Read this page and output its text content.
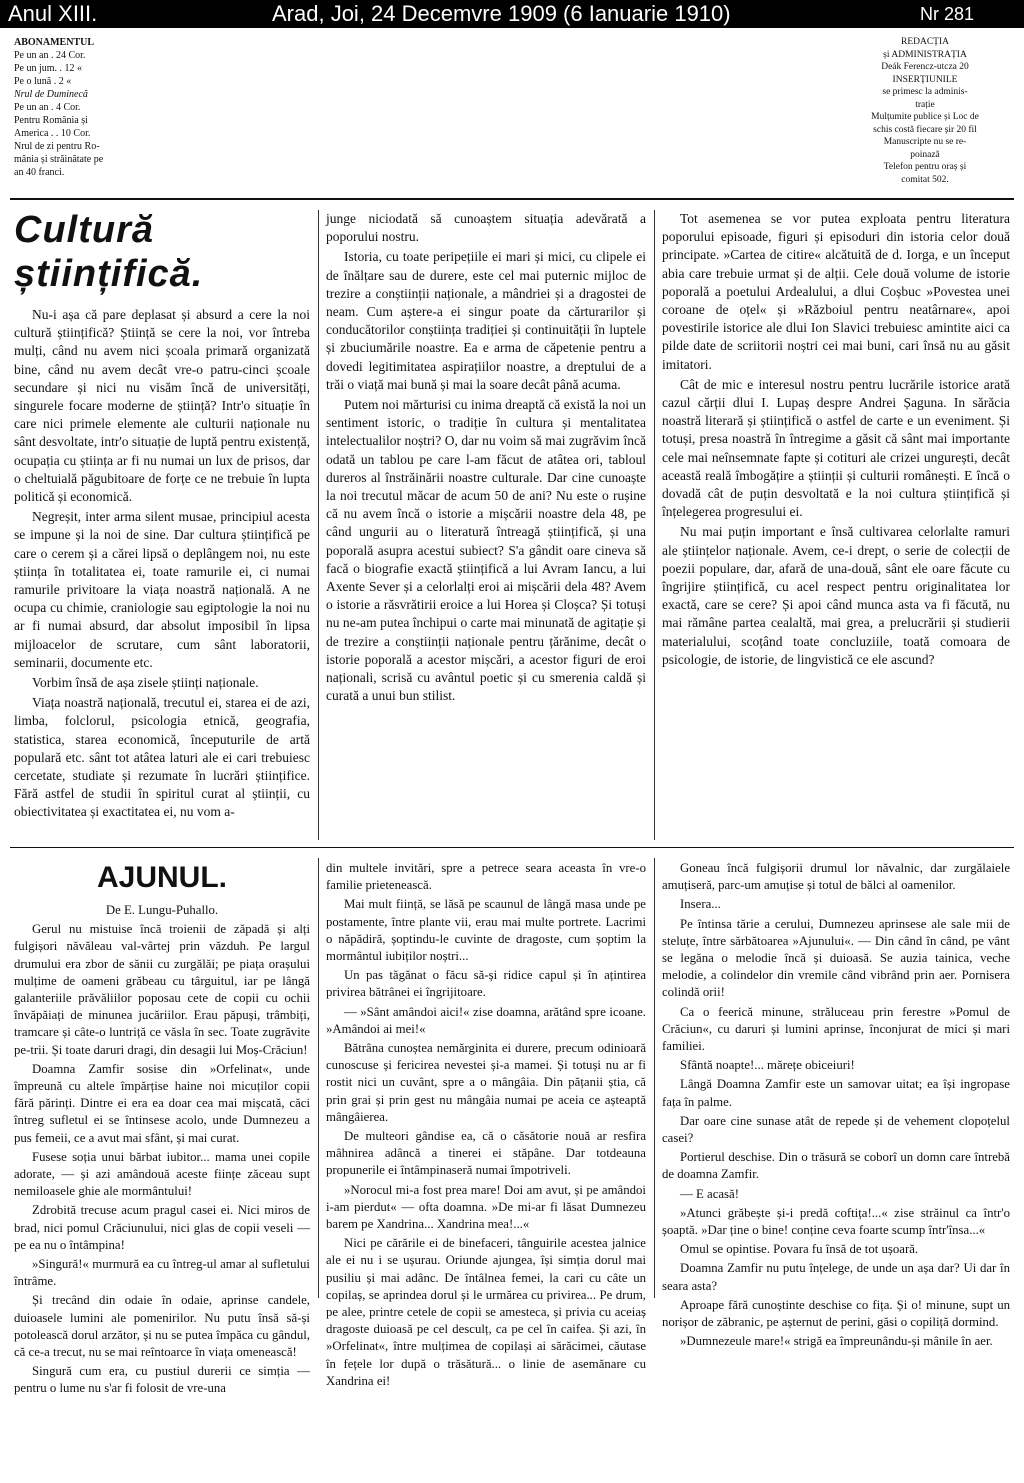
Anul XIII.	Arad, Joi, 24 Decemvre 1909 (6 Ianuarie 1910)	Nr 281

ABONAMENTUL

Pe un an . 24 Cor.

Pe un jum. . 12 «

Pe o lună . 2 «

Nrul de Duminecă

Pe un an . 4 Cor.

Pentru România și

America . . 10 Cor.

Nrul de zi pentru Ro-

mânia și străinătate pe

an 40 franci.

REDACȚIA

și ADMINISTRAȚIA

Deák Ferencz-utcza 20

INSERȚIUNILE

se primesc la adminis-

trație

Mulțumite publice și Loc de

schis costă fiecare șir 20 fil

Manuscripte nu se re-

poinază

Telefon pentru oraș și

comitat 502.

Cultură științifică.

Nu-i așa că pare deplasat și absurd a cere la noi cultură științifică? Știință se cere la noi, vor întreba mulți, când nu avem nici școala primară organizată bine, când nu avem decât vre-o patru-cinci școale secundare și nici nu visăm încă de universități, singurele focare moderne de știință? Intr'o situație în care nici primele elemente ale culturii naționale nu sânt desvoltate, intr'o situație de luptă pentru existență, ocupația cu știința ar fi nu numai un lux de prisos, dar o cheltuială păgubitoare de forțe ce ne trebuie în lupta politică și economică.

Negreșit, inter arma silent musae, principiul acesta se impune și la noi de sine. Dar cultura științifică pe care o cerem și a cărei lipsă o deplângem noi, nu este știința în totalitatea ei, toate ramurile ei, ci numai ramurile privitoare la viața noastră națională. A ne ocupa cu chimie, craniologie sau egiptologie la noi nu ar fi numai absurd, dar absolut imposibil în lipsa mijloacelor de scrutare, cum sânt laboratorii, seminarii, documente etc.

Vorbim însă de așa zisele științi naționale.

Viața noastră națională, trecutul ei, starea ei de azi, limba, folclorul, psicologia etnică, geografia, statistica, starea economică, începuturile de artă populară etc. sânt tot atâtea laturi ale ei cari trebuiesc cercetate, studiate și rezumate în lucrări științifice. Fără astfel de studii în spiritul curat al științii, cu obiectivitatea și exactitatea ei, nu vom a-

junge niciodată să cunoaștem situația adevărată a poporului nostru.

Istoria, cu toate peripețiile ei mari și mici, cu clipele ei de înălțare sau de durere, este cel mai puternic mijloc de trezire a conștiinții naționale, a mândriei și a dragostei de neam. Cum aștere-a ei singur poate da cărturarilor și conducătorilor conștiința tradiției și continuității în luptele și zbuciumările noastre. Ea e arma de căpetenie pentru a dovedi legitimitatea aspirațiilor noastre, a dreptului de a trăi o viață mai bună și mai la soare decât până acuma.

Putem noi mărturisi cu inima dreaptă că există la noi un sentiment istoric, o tradiție în cultura și mentalitatea intelectualilor noștri? O, dar nu voim să mai zugrăvim încă odată un tablou pe care l-am făcut de atâtea ori, tabloul dureros al înstrăinării noastre culturale. Dar cine cunoaște la noi trecutul măcar de acum 50 de ani? Nu este o rușine că nu avem încă o istorie a mișcării noastre dela 48, pe când ungurii au o literatură întreagă științifică, și una poporală asupra acestui subiect? S'a gândit oare cineva să facă o biografie exactă științifică a lui Avram Iancu, a lui Axente Sever și a celorlalți eroi ai mișcării dela 48? Avem o istorie a răsvrătirii eroice a lui Horea și Cloșca? Și totuși nu ne-am putea închipui o carte mai minunată de agitație și de trezire a conștiinții naționale pentru țărănime, decât o istorie poporală a acestor mișcări, a acestor figuri de eroi naționali, scrisă cu avântul poetic și cu smerenia caldă și curată a unui bun stilist.

Tot asemenea se vor putea exploata pentru literatura poporului episoade, figuri și episoduri din istoria celor două principate. »Cartea de citire« alcătuită de d. Iorga, e un început abia care trebuie urmat și de alții. Cele două volume de istorie poporală a poetului Ardealului, a dlui Coșbuc »Povestea unei coroane de oțel« și »Războiul pentru neatârnare«, apoi povestirile istorice ale dlui Ion Slavici trebuiesc amintite aici ca pilde date de scriitorii noștri cei mai buni, cari însă nu au găsit imitatori.

Cât de mic e interesul nostru pentru lucrările istorice arată cazul cărții dlui I. Lupaș despre Andrei Șaguna. In sărăcia noastră literară și științifică o astfel de carte e un eveniment. Și totuși, presa noastră în întregime a găsit că sânt mai importante cele mai neînsemnate fapte și cotituri ale crizei ungurești, decât această reală îmbogățire a științii și culturii românești. E încă o dovadă cât de puțin desvoltată e la noi cultura științifică și înțelegerea progresului ei.

Nu mai puțin important e însă cultivarea celorlalte ramuri ale științelor naționale. Avem, ce-i drept, o serie de colecții de poezii populare, dar, afară de una-două, sânt ele oare făcute cu îngrijire științifică, cu acel respect pentru originalitatea lor exactă, care se cere? Și apoi când munca asta va fi făcută, nu mai rămâne partea cealaltă, mai grea, a prelucrării și studierii materialului, scoțând toate concluziile, toată comoara de psicologie, de istorie, de lingvistică ce ele ascund?

AJUNUL.

De E. Lungu-Puhallo.

Gerul nu mistuise încă troienii de zăpadă și alți fulgișori năvăleau val-vârtej prin văzduh. Pe largul drumului era zbor de sănii cu zurgălăi; pe piața orașului mulțime de oameni grăbeau cu târguitul, iar pe lângă galanteriile prăvăliilor poposau cete de copii cu ochii învăpăiați de minunea jucăriilor. Erau păpuși, trâmbiți, tramcare și câte-o luntriță ce văsla în sec. Toate zugrăvite pe-trii. Și toate daruri dragi, din desagii lui Moș-Crăciun!

Doamna Zamfir sosise din »Orfelinat«, unde împreună cu altele împărțise haine noi micuților copii fără părinți. Dintre ei era ea doar cea mai mișcată, căci întreg sufletul ei se întinsese acolo, unde Dumnezeu a pus femeii, ce a avut mai sfânt, și mai curat.

Fusese soția unui bărbat iubitor... mama unei copile adorate, — și azi amândouă aceste ființe zăceau supt nemiloasele ghie ale mormântului!

Zdrobită trecuse acum pragul casei ei. Nici miros de brad, nici pomul Crăciunului, nici glas de copii veseli — pe ea nu o întâmpina!

»Singură!« murmură ea cu întreg-ul amar al sufletului întrâme.

Și trecând din odaie în odaie, aprinse candele, duioasele lumini ale pomenirilor. Nu putu însă să-și potolească dorul arzător, și nu se putea împăca cu gândul, că ce-a trecut, nu se mai reîntoarce în viața omenească!

Singură cum era, cu pustiul durerii ce simția — pentru o lume nu s'ar fi folosit de vre-una

din multele invitări, spre a petrece seara aceasta în vre-o familie prietenească.

Mai mult ființă, se lăsă pe scaunul de lângă masa unde pe postamente, între plante vii, erau mai multe portrete. Lacrimi o năpădiră, șoptindu-le cuvinte de dragoste, cum șoptim la mormântul iubiților noștri...

Un pas tăgănat o făcu să-și ridice capul și în ațintirea privirea bătrânei ei îngrijitoare.

— »Sânt amândoi aici!« zise doamna, arătând spre icoane. »Amândoi ai mei!«

Bătrâna cunoștea nemărginita ei durere, precum odinioară cunoscuse și fericirea nevestei și-a mamei. Și totuși nu ar fi rostit nici un cuvânt, spre a o mângâia. Din pățanii știa, că prin grai și prin gest nu mângâia numai pe aceia ce așteaptă mângâierea.

De multeori gândise ea, că o căsătorie nouă ar resfira mâhnirea adâncă a tinerei ei stăpâne. Dar totdeauna propunerile ei întâmpinaseră numai împotriveli.

»Norocul mi-a fost prea mare! Doi am avut, și pe amândoi i-am pierdut« — ofta doamna. »De mi-ar fi lăsat Dumnezeu barem pe Xandrina... Xandrina mea!...«

Nici pe cărările ei de binefaceri, tânguirile acestea jalnice ale ei nu i se ușurau. Oriunde ajungea, își simția dorul mai pusiliu și mai adânc. De întâlnea femei, la cari cu câte un copilaș, se aprindea dorul și le urmărea cu privirea... Pe drum, pe alee, printre cetele de copii se amesteca, și privia cu aceiaș dragoste duioasă pe cel desculț, ca pe cel în caifea. Și azi, în »Orfelinat«, între mulțimea de copilași ai sărăcimei, căutase în fețele lor după o trăsătură... o linie de asemănare cu Xandrina ei!

Goneau încă fulgișorii drumul lor năvalnic, dar zurgălaiele amuțiseră, parc-um amuțise și totul de bălci al oamenilor.

Insera...

Pe întinsa tărie a cerului, Dumnezeu aprinsese ale sale mii de steluțe, între sărbătoarea »Ajunului«. — Din când în când, pe vânt se legăna o melodie încă și duioasă. Se auzia tainica, veche melodie, a colindelor din vremile când vibrând prin aer. Pornisera colindă orii!

Ca o feerică minune, străluceau prin ferestre »Pomul de Crăciun«, cu daruri și lumini aprinse, înconjurat de mici și mari familiei.

Sfântă noapte!... mărețe obiceiuri!

Lângă Doamna Zamfir este un samovar uitat; ea își ingropase fața în palme.

Dar oare cine sunase atât de repede și de vehement clopoțelul casei?

Portierul deschise. Din o trăsură se coborî un domn care întrebă de doamna Zamfir.

— E acasă!

»Atunci grăbește și-i predă coftița!...« zise străinul ca într'o șoaptă. »Dar ține o bine! conține ceva foarte scump într'însa...«

Omul se opintise. Povara fu însă de tot ușoară.

Doamna Zamfir nu putu înțelege, de unde un așa dar? Ui dar în seara asta?

Aproape fără cunoștinte deschise co fița. Și o! minune, supt un norișor de zăbranic, pe așternut de perini, găsi o copiliță dormind.

»Dumnezeule mare!« strigă ea împreunându-și mânile în aer.
